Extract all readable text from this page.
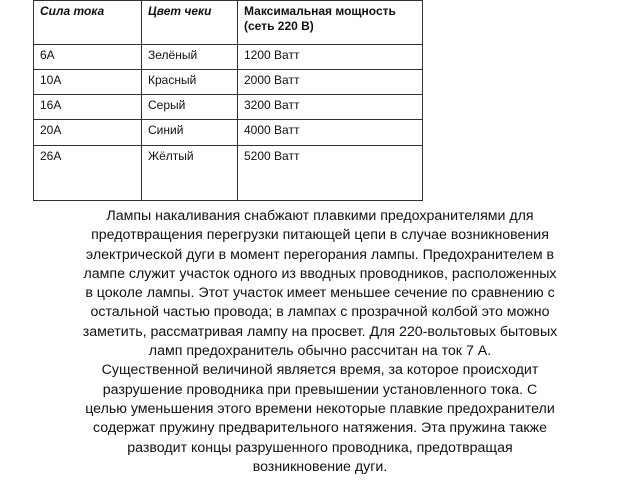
Сила тока	Цвет чеки	Максимальная мощность (сеть 220 В)
6А	Зелёный	1200 Ватт
10А	Красный	2000 Ватт
16А	Серый	3200 Ватт
20А	Синий	4000 Ватт
26А	Жёлтый	5200 Ватт

Лампы накаливания снабжают плавкими предохранителями для
предотвращения перегрузки питающей цепи в случае возникновения
электрической дуги в момент перегорания лампы. Предохранителем в
лампе служит участок одного из вводных проводников, расположенных
в цоколе лампы. Этот участок имеет меньшее сечение по сравнению с
остальной частью провода; в лампах с прозрачной колбой это можно
заметить, рассматривая лампу на просвет. Для 220-вольтовых бытовых
ламп предохранитель обычно рассчитан на ток 7 А.
Существенной величиной является время, за которое происходит
разрушение проводника при превышении установленного тока. С
целью уменьшения этого времени некоторые плавкие предохранители
содержат пружину предварительного натяжения. Эта пружина также
разводит концы разрушенного проводника, предотвращая
возникновение дуги.
